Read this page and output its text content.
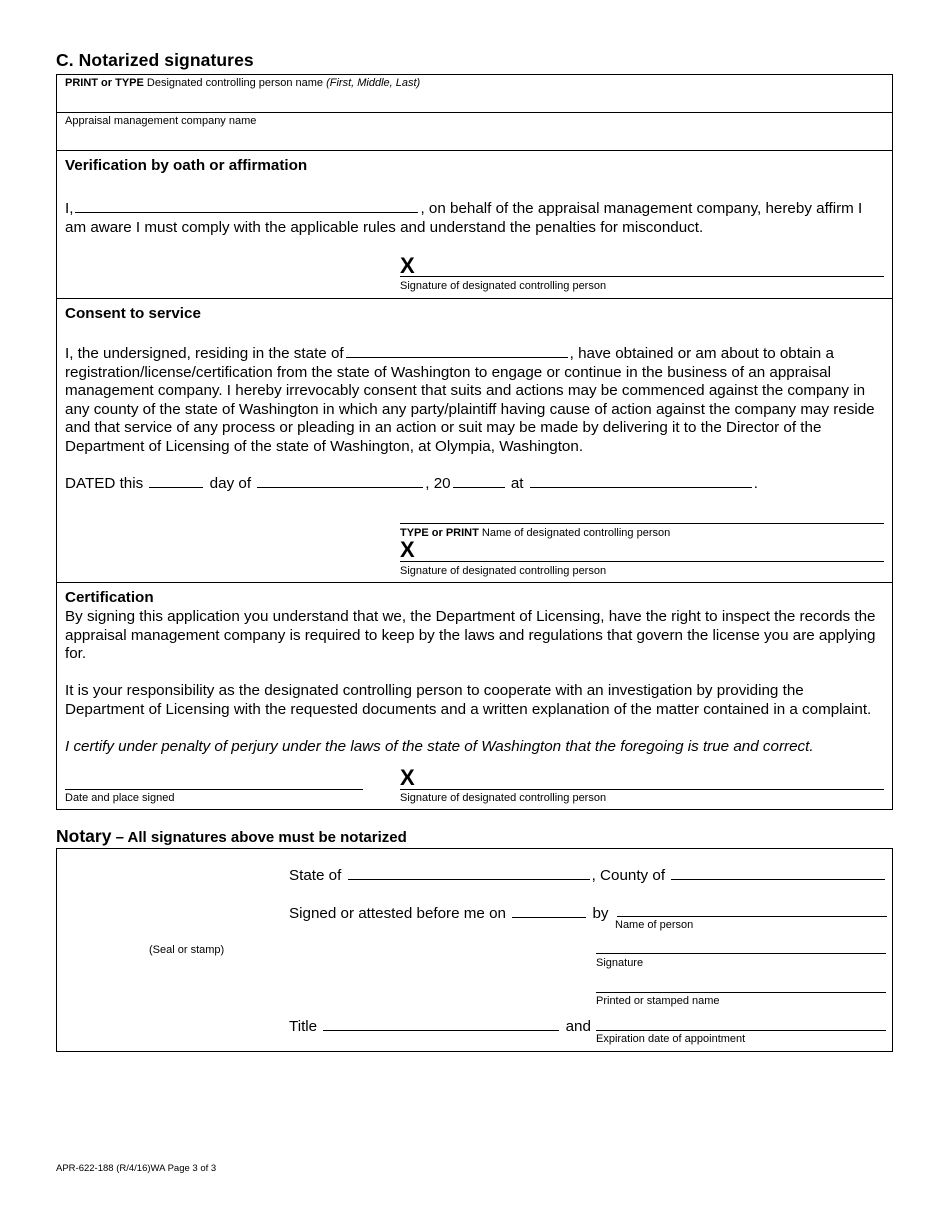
C. Notarized signatures
PRINT or TYPE Designated controlling person name (First, Middle, Last)
Appraisal management company name
Verification by oath or affirmation
I,	, on behalf of the appraisal management company, hereby affirm I am aware I must comply with the applicable rules and understand the penalties for misconduct.
X
Signature of designated controlling person
Consent to service
I, the undersigned, residing in the state of	, have obtained or am about to obtain a registration/license/certification from the state of Washington to engage or continue in the business of an appraisal management company. I hereby irrevocably consent that suits and actions may be commenced against the company in any county of the state of Washington in which any party/plaintiff having cause of action against the company may reside and that service of any process or pleading in an action or suit may be made by delivering it to the Director of the Department of Licensing of the state of Washington, at Olympia, Washington.
DATED this	day of	, 20	at	.
TYPE or PRINT Name of designated controlling person
X
Signature of designated controlling person
Certification
By signing this application you understand that we, the Department of Licensing, have the right to inspect the records the appraisal management company is required to keep by the laws and regulations that govern the license you are applying for.
It is your responsibility as the designated controlling person to cooperate with an investigation by providing the Department of Licensing with the requested documents and a written explanation of the matter contained in a complaint.
I certify under penalty of perjury under the laws of the state of Washington that the foregoing is true and correct.
Date and place signed
X
Signature of designated controlling person
Notary – All signatures above must be notarized
(Seal or stamp)
State of	, County of
Signed or attested before me on	by
Name of person
Signature
Printed or stamped name
Title	and
Expiration date of appointment
APR-622-188 (R/4/16)WA Page 3 of 3
